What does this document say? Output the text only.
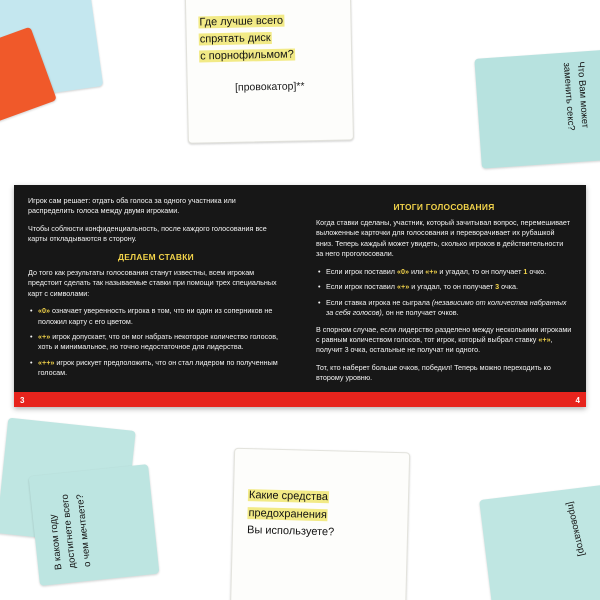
Где лучше всего
спрятать диск
с порнофильмом?
[провокатор]**	Что Вам может
заменить секс?

Игрок сам решает: отдать оба голоса за одного участника или распределить голоса между двумя игроками.

Чтобы соблюсти конфиденциальность, после каждого голосования все карты откладываются в сторону.

ДЕЛАЕМ СТАВКИ

До того как результаты голосования станут известны, всем игрокам предстоит сделать так называемые ставки при помощи трех специальных карт с символами:

• «0» означает уверенность игрока в том, что ни один из соперников не положил карту с его цветом.
• «+» игрок допускает, что он мог набрать некоторое количество голосов, хоть и минимальное, но точно недостаточное для лидерства.
• «++» игрок рискует предположить, что он стал лидером по полученным голосам.
ИТОГИ ГОЛОСОВАНИЯ

Когда ставки сделаны, участник, который зачитывал вопрос, перемешивает выложенные карточки для голосования и переворачивает их рубашкой вниз. Теперь каждый может увидеть, сколько игроков в действительности за него проголосовали.

• Если игрок поставил «0» или «+» и угадал, то он получает 1 очко.
• Если игрок поставил «+» и угадал, то он получает 3 очка.
• Если ставка игрока не сыграла (независимо от количества набранных за себя голосов), он не получает очков.

В спорном случае, если лидерство разделено между несколькими игроками с равным количеством голосов, тот игрок, который выбрал ставку «+», получит 3 очка, остальные не получат ни одного.

Тот, кто наберет больше очков, победил! Теперь можно переходить ко второму уровню.

3	4
В каком году
достигнете всего
о чем мечтаете?	Какие средства
предохранения
Вы используете?	[провокатор]
